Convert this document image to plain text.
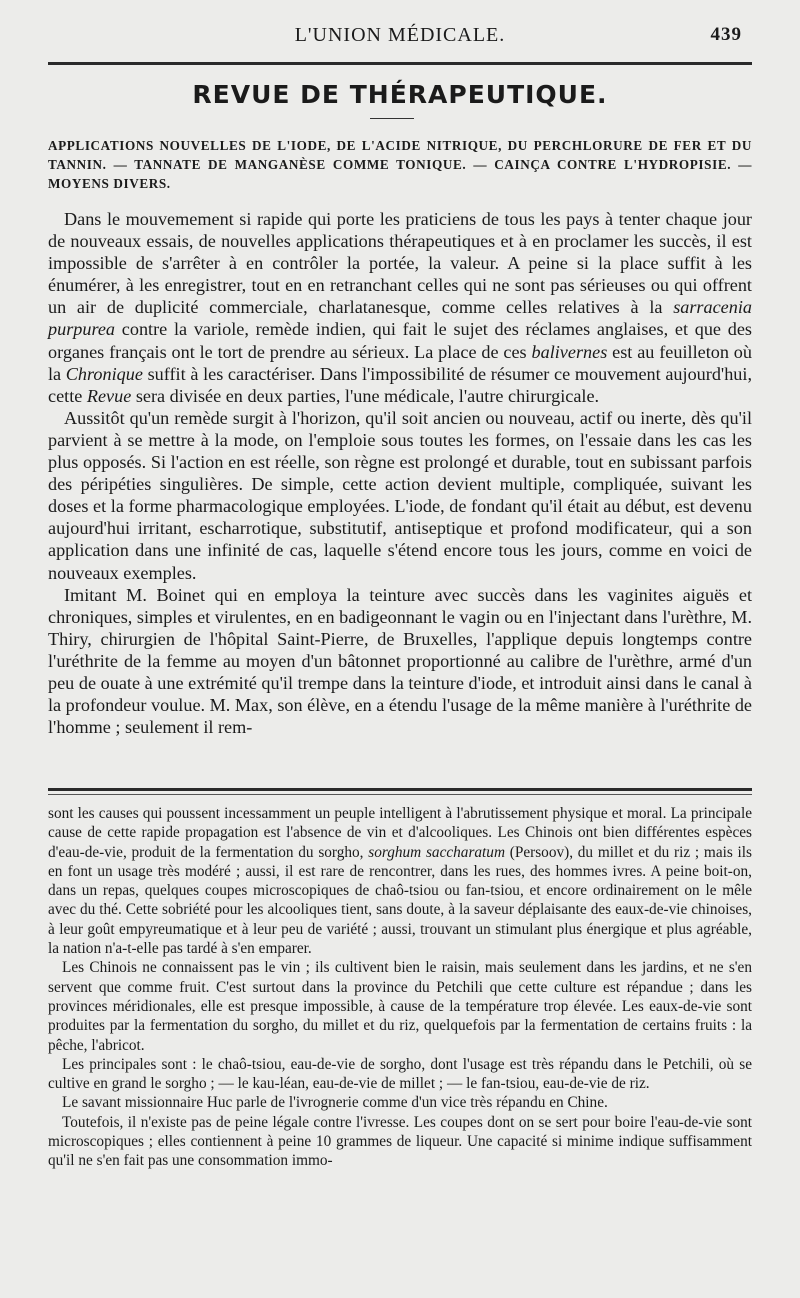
L'UNION MÉDICALE.	439
REVUE DE THÉRAPEUTIQUE.
APPLICATIONS NOUVELLES DE L'IODE, DE L'ACIDE NITRIQUE, DU PERCHLORURE DE FER ET DU TANNIN. — TANNATE DE MANGANÈSE COMME TONIQUE. — CAINÇA CONTRE L'HYDROPISIE. — MOYENS DIVERS.

Dans le mouvemement si rapide qui porte les praticiens de tous les pays à tenter chaque jour de nouveaux essais, de nouvelles applications thérapeutiques et à en proclamer les succès, il est impossible de s'arrêter à en contrôler la portée, la valeur. A peine si la place suffit à les énumérer, à les enregistrer, tout en en retranchant celles qui ne sont pas sérieuses ou qui offrent un air de duplicité commerciale, charlatanesque, comme celles relatives à la sarracenia purpurea contre la variole, remède indien, qui fait le sujet des réclames anglaises, et que des organes français ont le tort de prendre au sérieux. La place de ces balivernes est au feuilleton où la Chronique suffit à les caractériser. Dans l'impossibilité de résumer ce mouvement aujourd'hui, cette Revue sera divisée en deux parties, l'une médicale, l'autre chirurgicale.

Aussitôt qu'un remède surgit à l'horizon, qu'il soit ancien ou nouveau, actif ou inerte, dès qu'il parvient à se mettre à la mode, on l'emploie sous toutes les formes, on l'essaie dans les cas les plus opposés. Si l'action en est réelle, son règne est prolongé et durable, tout en subissant parfois des péripéties singulières. De simple, cette action devient multiple, compliquée, suivant les doses et la forme pharmacologique employées. L'iode, de fondant qu'il était au début, est devenu aujourd'hui irritant, escharrotique, substitutif, antiseptique et profond modificateur, qui a son application dans une infinité de cas, laquelle s'étend encore tous les jours, comme en voici de nouveaux exemples.

Imitant M. Boinet qui en employa la teinture avec succès dans les vaginites aiguës et chroniques, simples et virulentes, en en badigeonnant le vagin ou en l'injectant dans l'urèthre, M. Thiry, chirurgien de l'hôpital Saint-Pierre, de Bruxelles, l'applique depuis longtemps contre l'uréthrite de la femme au moyen d'un bâtonnet proportionné au calibre de l'urèthre, armé d'un peu de ouate à une extrémité qu'il trempe dans la teinture d'iode, et introduit ainsi dans le canal à la profondeur voulue. M. Max, son élève, en a étendu l'usage de la même manière à l'uréthrite de l'homme ; seulement il rem-

sont les causes qui poussent incessamment un peuple intelligent à l'abrutissement physique et moral. La principale cause de cette rapide propagation est l'absence de vin et d'alcooliques. Les Chinois ont bien différentes espèces d'eau-de-vie, produit de la fermentation du sorgho, sorghum saccharatum (Persoov), du millet et du riz ; mais ils en font un usage très modéré ; aussi, il est rare de rencontrer, dans les rues, des hommes ivres. A peine boit-on, dans un repas, quelques coupes microscopiques de chaô-tsiou ou fan-tsiou, et encore ordinairement on le mêle avec du thé. Cette sobriété pour les alcooliques tient, sans doute, à la saveur déplaisante des eaux-de-vie chinoises, à leur goût empyreumatique et à leur peu de variété ; aussi, trouvant un stimulant plus énergique et plus agréable, la nation n'a-t-elle pas tardé à s'en emparer.

Les Chinois ne connaissent pas le vin ; ils cultivent bien le raisin, mais seulement dans les jardins, et ne s'en servent que comme fruit. C'est surtout dans la province du Petchili que cette culture est répandue ; dans les provinces méridionales, elle est presque impossible, à cause de la température trop élevée. Les eaux-de-vie sont produites par la fermentation du sorgho, du millet et du riz, quelquefois par la fermentation de certains fruits : la pêche, l'abricot.

Les principales sont : le chaô-tsiou, eau-de-vie de sorgho, dont l'usage est très répandu dans le Petchili, où se cultive en grand le sorgho ; — le kau-léan, eau-de-vie de millet ; — le fan-tsiou, eau-de-vie de riz.

Le savant missionnaire Huc parle de l'ivrognerie comme d'un vice très répandu en Chine.

Toutefois, il n'existe pas de peine légale contre l'ivresse. Les coupes dont on se sert pour boire l'eau-de-vie sont microscopiques ; elles contiennent à peine 10 grammes de liqueur. Une capacité si minime indique suffisamment qu'il ne s'en fait pas une consommation immo-
